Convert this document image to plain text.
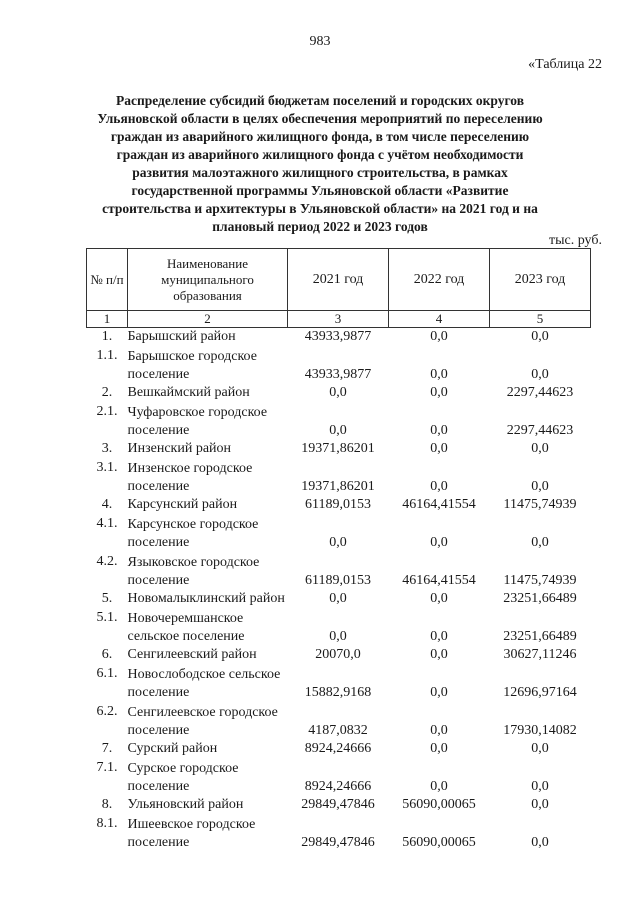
983
«Таблица 22
Распределение субсидий бюджетам поселений и городских округов Ульяновской области в целях обеспечения мероприятий по переселению граждан из аварийного жилищного фонда, в том числе переселению граждан из аварийного жилищного фонда с учётом необходимости развития малоэтажного жилищного строительства, в рамках государственной программы Ульяновской области «Развитие строительства и архитектуры в Ульяновской области» на 2021 год и на плановый период 2022 и 2023 годов
тыс. руб.
№ п/п	Наименование муниципального образования	2021 год	2022 год	2023 год
1	2	3	4	5
1.	Барышский район	43933,9877	0,0	0,0
1.1.	Барышское городское поселение	43933,9877	0,0	0,0
2.	Вешкаймский район	0,0	0,0	2297,44623
2.1.	Чуфаровское городское поселение	0,0	0,0	2297,44623
3.	Инзенский район	19371,86201	0,0	0,0
3.1.	Инзенское городское поселение	19371,86201	0,0	0,0
4.	Карсунский район	61189,0153	46164,41554	11475,74939
4.1.	Карсунское городское поселение	0,0	0,0	0,0
4.2.	Языковское городское поселение	61189,0153	46164,41554	11475,74939
5.	Новомалыклинский район	0,0	0,0	23251,66489
5.1.	Новочеремшанское сельское поселение	0,0	0,0	23251,66489
6.	Сенгилеевский район	20070,0	0,0	30627,11246
6.1.	Новослободское сельское поселение	15882,9168	0,0	12696,97164
6.2.	Сенгилеевское городское поселение	4187,0832	0,0	17930,14082
7.	Сурский район	8924,24666	0,0	0,0
7.1.	Сурское городское поселение	8924,24666	0,0	0,0
8.	Ульяновский район	29849,47846	56090,00065	0,0
8.1.	Ишеевское городское поселение	29849,47846	56090,00065	0,0
